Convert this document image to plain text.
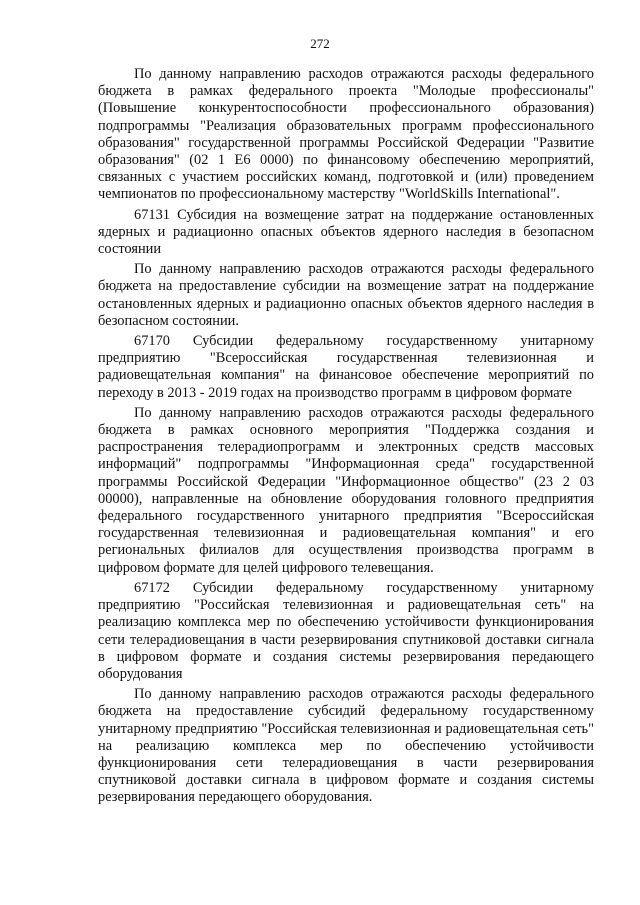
272

По данному направлению расходов отражаются расходы федерального бюджета в рамках федерального проекта "Молодые профессионалы" (Повышение конкурентоспособности профессионального образования) подпрограммы "Реализация образовательных программ профессионального образования" государственной программы Российской Федерации "Развитие образования" (02 1 Е6 0000) по финансовому обеспечению мероприятий, связанных с участием российских команд, подготовкой и (или) проведением чемпионатов по профессиональному мастерству "WorldSkills International".

67131 Субсидия на возмещение затрат на поддержание остановленных ядерных и радиационно опасных объектов ядерного наследия в безопасном состоянии

По данному направлению расходов отражаются расходы федерального бюджета на предоставление субсидии на возмещение затрат на поддержание остановленных ядерных и радиационно опасных объектов ядерного наследия в безопасном состоянии.

67170 Субсидии федеральному государственному унитарному предприятию "Всероссийская государственная телевизионная и радиовещательная компания" на финансовое обеспечение мероприятий по переходу в 2013 - 2019 годах на производство программ в цифровом формате

По данному направлению расходов отражаются расходы федерального бюджета в рамках основного мероприятия "Поддержка создания и распространения телерадиопрограмм и электронных средств массовых информаций" подпрограммы "Информационная среда" государственной программы Российской Федерации "Информационное общество" (23 2 03 00000), направленные на обновление оборудования головного предприятия федерального государственного унитарного предприятия "Всероссийская государственная телевизионная и радиовещательная компания" и его региональных филиалов для осуществления производства программ в цифровом формате для целей цифрового телевещания.

67172 Субсидии федеральному государственному унитарному предприятию "Российская телевизионная и радиовещательная сеть" на реализацию комплекса мер по обеспечению устойчивости функционирования сети телерадиовещания в части резервирования спутниковой доставки сигнала в цифровом формате и создания системы резервирования передающего оборудования

По данному направлению расходов отражаются расходы федерального бюджета на предоставление субсидий федеральному государственному унитарному предприятию "Российская телевизионная и радиовещательная сеть" на реализацию комплекса мер по обеспечению устойчивости функционирования сети телерадиовещания в части резервирования спутниковой доставки сигнала в цифровом формате и создания системы резервирования передающего оборудования.
